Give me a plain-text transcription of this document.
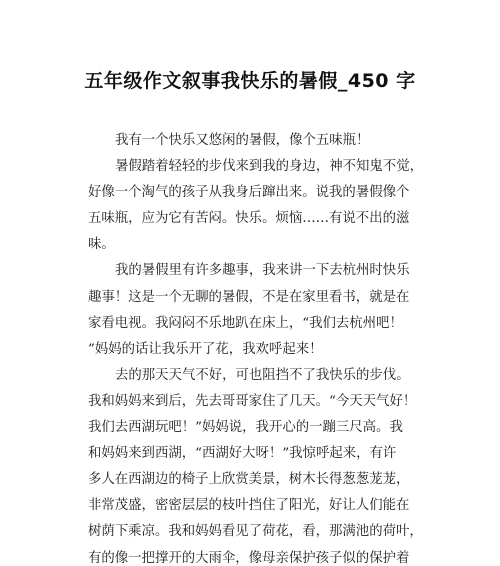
五年级作文叙事我快乐的暑假_450 字
我有一个快乐又悠闲的暑假，像个五味瓶！
暑假踏着轻轻的步伐来到我的身边，神不知鬼不觉，
好像一个淘气的孩子从我身后蹿出来。说我的暑假像个
五味瓶，应为它有苦闷。快乐。烦恼……有说不出的滋
味。
我的暑假里有许多趣事，我来讲一下去杭州时快乐
趣事！这是一个无聊的暑假，不是在家里看书，就是在
家看电视。我闷闷不乐地趴在床上，“我们去杭州吧！
”妈妈的话让我乐开了花，我欢呼起来！
去的那天天气不好，可也阻挡不了我快乐的步伐。
我和妈妈来到后，先去哥哥家住了几天。“今天天气好！
我们去西湖玩吧！”妈妈说，我开心的一蹦三尺高。我
和妈妈来到西湖，“西湖好大呀！”我惊呼起来，有许
多人在西湖边的椅子上欣赏美景，树木长得葱葱茏茏，
非常茂盛，密密层层的枝叶挡住了阳光，好让人们能在
树荫下乘凉。我和妈妈看见了荷花，看，那满池的荷叶，
有的像一把撑开的大雨伞，像母亲保护孩子似的保护着
